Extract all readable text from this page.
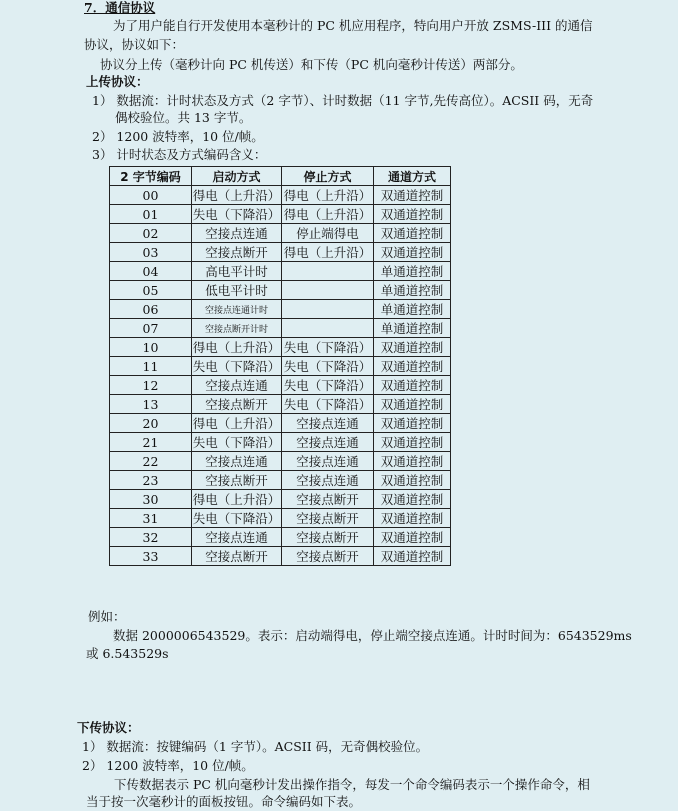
7．通信协议
为了用户能自行开发使用本毫秒计的 PC 机应用程序，特向用户开放 ZSMS-III 的通信
协议，协议如下：
协议分上传（毫秒计向 PC 机传送）和下传（PC 机向毫秒计传送）两部分。
上传协议：
1） 数据流：计时状态及方式（2 字节）、计时数据（11 字节,先传高位）。ACSII 码，无奇
偶校验位。共 13 字节。
2） 1200 波特率，10 位/帧。
3） 计时状态及方式编码含义：
2 字节编码	启动方式	停止方式	通道方式
00	得电（上升沿）	得电（上升沿）	双通道控制
01	失电（下降沿）	得电（上升沿）	双通道控制
02	空接点连通	停止端得电	双通道控制
03	空接点断开	得电（上升沿）	双通道控制
04	高电平计时		单通道控制
05	低电平计时		单通道控制
06	空接点连通计时		单通道控制
07	空接点断开计时		单通道控制
10	得电（上升沿）	失电（下降沿）	双通道控制
11	失电（下降沿）	失电（下降沿）	双通道控制
12	空接点连通	失电（下降沿）	双通道控制
13	空接点断开	失电（下降沿）	双通道控制
20	得电（上升沿）	空接点连通	双通道控制
21	失电（下降沿）	空接点连通	双通道控制
22	空接点连通	空接点连通	双通道控制
23	空接点断开	空接点连通	双通道控制
30	得电（上升沿）	空接点断开	双通道控制
31	失电（下降沿）	空接点断开	双通道控制
32	空接点连通	空接点断开	双通道控制
33	空接点断开	空接点断开	双通道控制
例如：
数据 2000006543529。表示：启动端得电，停止端空接点连通。计时时间为：6543529ms
或 6.543529s
下传协议：
1） 数据流：按键编码（1 字节）。ACSII 码，无奇偶校验位。
2） 1200 波特率，10 位/帧。
下传数据表示 PC 机向毫秒计发出操作指令，每发一个命令编码表示一个操作命令，相
当于按一次毫秒计的面板按钮。命令编码如下表。
